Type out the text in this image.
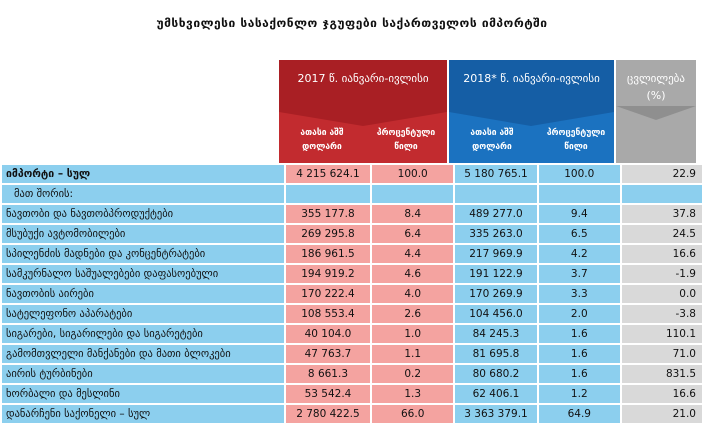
უმსხვილესი სასაქონლო ჯგუფები საქართველოს იმპორტში
2017 წ. იანვარი-ივლისი
ათასი აშშ დოლარი
პროცენტული წილი
2018* წ. იანვარი-ივლისი
ათასი აშშ დოლარი
პროცენტული წილი
ცვლილება (%)
იმპორტი – სულ	4 215 624.1	100.0	5 180 765.1	100.0	22.9
მათ შორის:					
ნავთობი და ნავთობპროდუქტები	355 177.8	8.4	489 277.0	9.4	37.8
მსუბუქი ავტომობილები	269 295.8	6.4	335 263.0	6.5	24.5
სპილენძის მადნები და კონცენტრატები	186 961.5	4.4	217 969.9	4.2	16.6
სამკურნალო საშუალებები დაფასოებული	194 919.2	4.6	191 122.9	3.7	-1.9
ნავთობის აირები	170 222.4	4.0	170 269.9	3.3	0.0
სატელეფონო აპარატები	108 553.4	2.6	104 456.0	2.0	-3.8
სიგარები, სიგარილები და სიგარეტები	40 104.0	1.0	84 245.3	1.6	110.1
გამომთვლელი მანქანები და მათი ბლოკები	47 763.7	1.1	81 695.8	1.6	71.0
აირის ტურბინები	8 661.3	0.2	80 680.2	1.6	831.5
ხორბალი და მესლინი	53 542.4	1.3	62 406.1	1.2	16.6
დანარჩენი საქონელი – სულ	2 780 422.5	66.0	3 363 379.1	64.9	21.0
